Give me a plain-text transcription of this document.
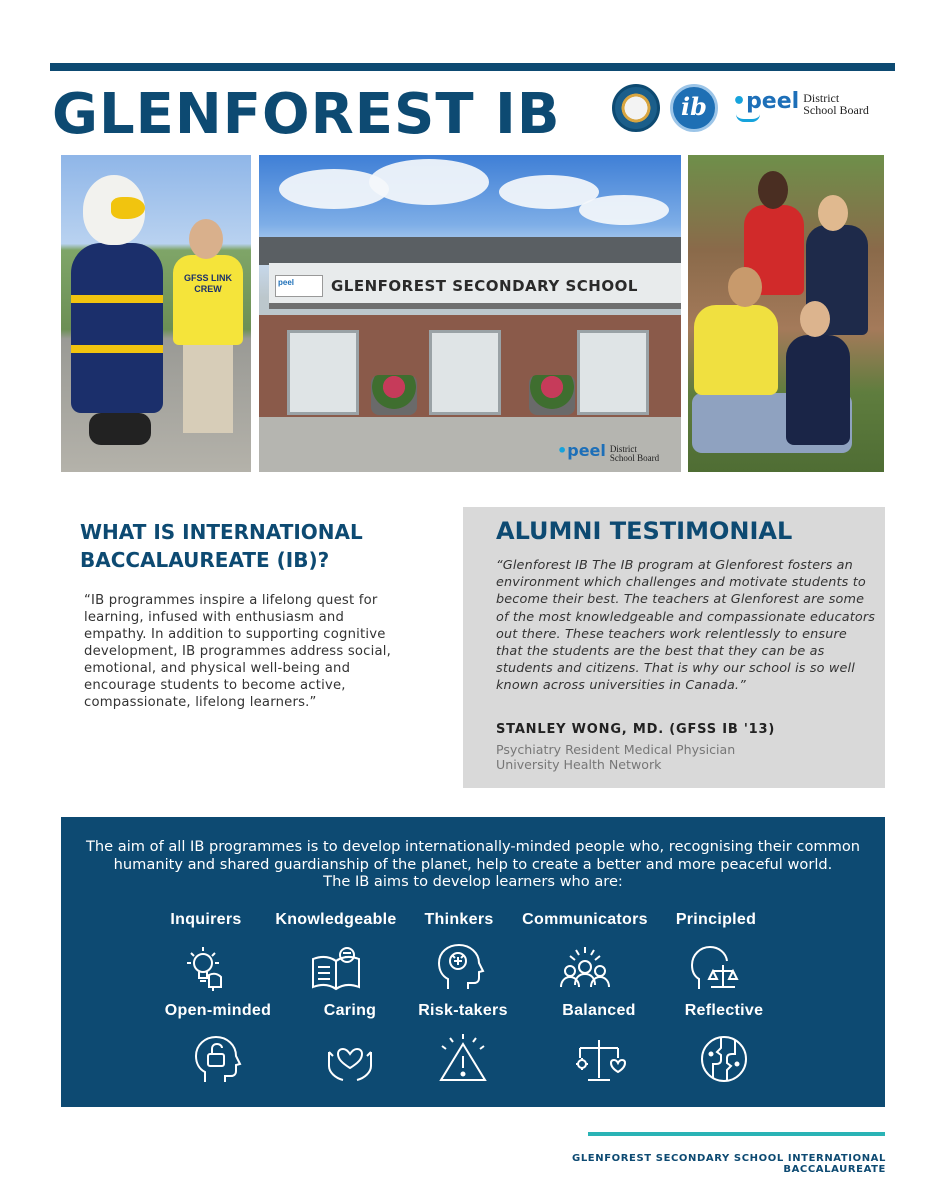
GLENFOREST IB	ib	•peel District
School Board
GFSS LINK CREW
peel	GLENFOREST SECONDARY SCHOOL
•peel District
School Board
WHAT IS INTERNATIONAL BACCALAUREATE (IB)?

“IB programmes inspire a lifelong quest for learning, infused with enthusiasm and empathy. In addition to supporting cognitive development, IB programmes address social, emotional, and physical well-being and encourage students to become active, compassionate, lifelong learners.”

ALUMNI TESTIMONIAL

“Glenforest IB The IB program at Glenforest fosters an environment which challenges and motivate students to become their best. The teachers at Glenforest are some of the most knowledgeable and compassionate educators out there. These teachers work relentlessly to ensure that the students are the best that they can be as students and citizens. That is why our school is so well known across universities in Canada.”

STANLEY WONG, MD. (GFSS IB '13)
Psychiatry Resident Medical Physician
University Health Network
The aim of all IB programmes is to develop internationally-minded people who, recognising their common
humanity and shared guardianship of the planet, help to create a better and more peaceful world.
The IB aims to develop learners who are:
Inquirers	Knowledgeable	Thinkers	Communicators	Principled
Open-minded	Caring	Risk-takers	Balanced	Reflective
GLENFOREST SECONDARY SCHOOL INTERNATIONAL BACCALAUREATE
